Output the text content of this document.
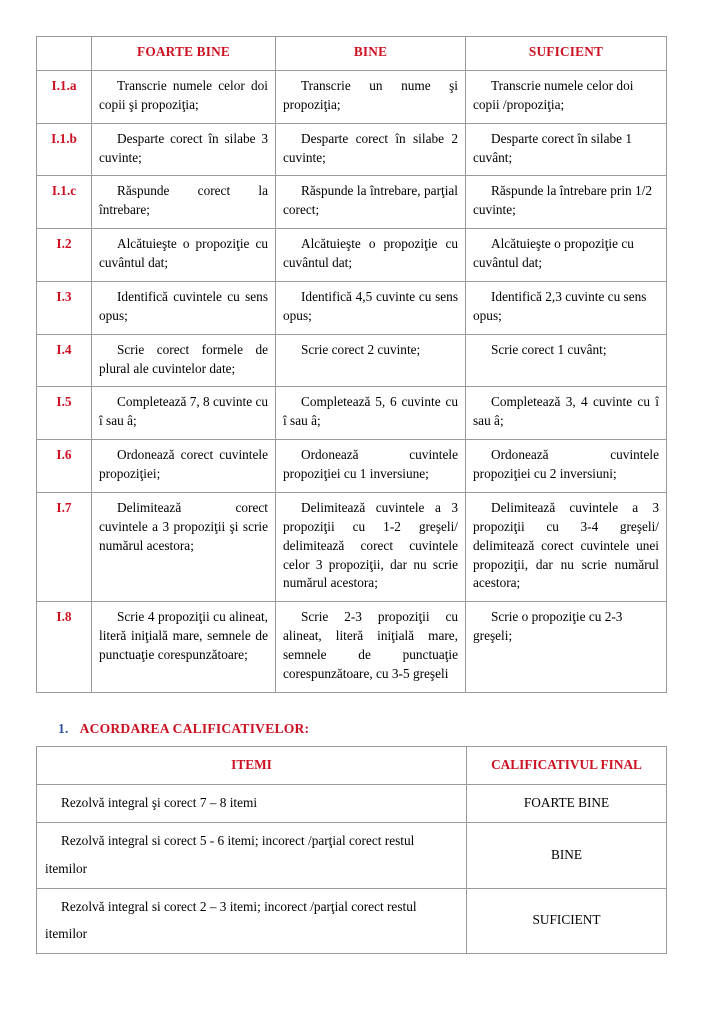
	FOARTE BINE	BINE	SUFICIENT
I.1.a	Transcrie numele celor doi copii şi propoziţia;	Transcrie un nume şi propoziţia;	Transcrie numele celor doi copii /propoziţia;
I.1.b	Desparte corect în silabe 3 cuvinte;	Desparte corect în silabe 2 cuvinte;	Desparte corect în silabe 1 cuvânt;
I.1.c	Răspunde corect la întrebare;	Răspunde la întrebare, parţial corect;	Răspunde la întrebare prin 1/2 cuvinte;
I.2	Alcătuieşte o propoziţie cu cuvântul dat;	Alcătuieşte o propoziţie cu cuvântul dat;	Alcătuieşte o propoziţie cu cuvântul dat;
I.3	Identifică cuvintele cu sens opus;	Identifică 4,5 cuvinte cu sens opus;	Identifică 2,3 cuvinte cu sens opus;
I.4	Scrie corect formele de plural ale cuvintelor date;	Scrie corect 2 cuvinte;	Scrie corect 1 cuvânt;
I.5	Completează 7, 8 cuvinte cu î sau â;	Completează 5, 6 cuvinte cu î sau â;	Completează 3, 4 cuvinte cu î sau â;
I.6	Ordonează corect cuvintele propoziţiei;	Ordonează cuvintele propoziţiei cu 1 inversiune;	Ordonează cuvintele propoziţiei cu 2 inversiuni;
I.7	Delimitează corect cuvintele a 3 propoziţii şi scrie numărul acestora;	Delimitează cuvintele a 3 propoziţii cu 1-2 greşeli/ delimitează corect cuvintele celor 3 propoziţii, dar nu scrie numărul acestora;	Delimitează cuvintele a 3 propoziţii cu 3-4 greşeli/ delimitează corect cuvintele unei propoziţii, dar nu scrie numărul acestora;
I.8	Scrie 4 propoziţii cu alineat, literă iniţială mare, semnele de punctuaţie corespunzătoare;	Scrie 2-3 propoziţii cu alineat, literă iniţială mare, semnele de punctuaţie corespunzătoare, cu 3-5 greşeli	Scrie o propoziţie cu 2-3 greşeli;
1. ACORDAREA CALIFICATIVELOR:
ITEMI	CALIFICATIVUL FINAL
Rezolvă integral şi corect 7 – 8 itemi	FOARTE BINE
Rezolvă integral si corect 5 - 6 itemi; incorect /parţial corect restul itemilor	BINE
Rezolvă integral si corect 2 – 3 itemi; incorect /parţial corect restul itemilor	SUFICIENT
